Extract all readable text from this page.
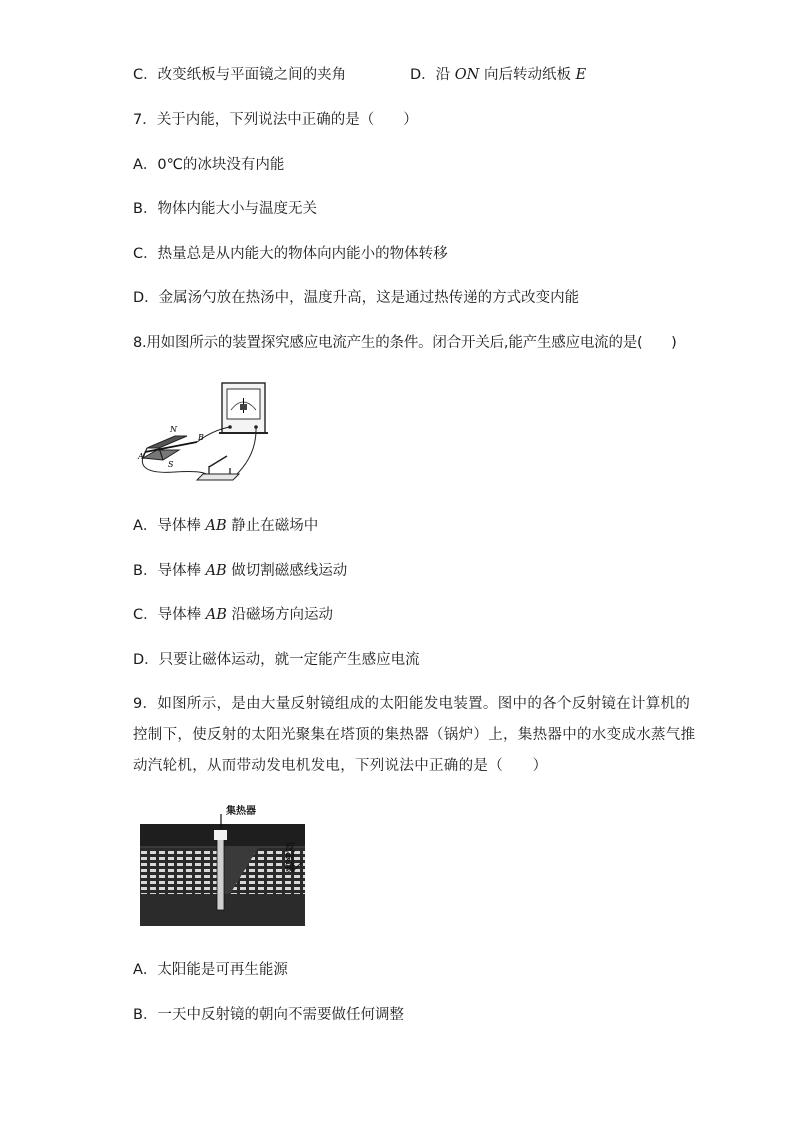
C．改变纸板与平面镜之间的夹角	D．沿 ON 向后转动纸板 E
7．关于内能，下列说法中正确的是（　　）
A．0℃的冰块没有内能
B．物体内能大小与温度无关
C．热量总是从内能大的物体向内能小的物体转移
D．金属汤勺放在热汤中，温度升高，这是通过热传递的方式改变内能
8.用如图所示的装置探究感应电流产生的条件。闭合开关后,能产生感应电流的是(　　)
N
S
A
B
A．导体棒 AB 静止在磁场中
B．导体棒 AB 做切割磁感线运动
C．导体棒 AB 沿磁场方向运动
D．只要让磁体运动，就一定能产生感应电流
9．如图所示，是由大量反射镜组成的太阳能发电装置。图中的各个反射镜在计算机的
控制下，使反射的太阳光聚集在塔顶的集热器（锅炉）上，集热器中的水变成水蒸气推
动汽轮机，从而带动发电机发电，下列说法中正确的是（　　）
集热器
反射镜
A．太阳能是可再生能源
B．一天中反射镜的朝向不需要做任何调整
